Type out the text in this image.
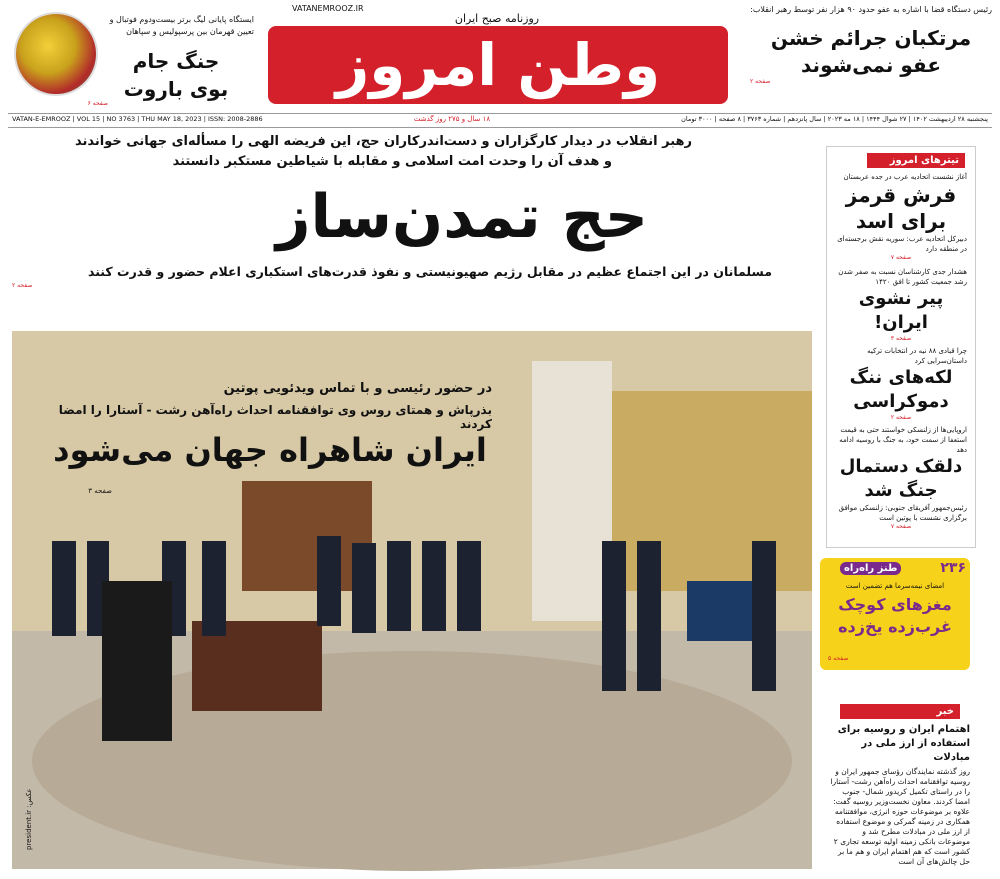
روزنامه صبح ایران
VATANEMROOZ.IR
وطن امروز
۱۸ سال و ۲۷۵ روز گذشت	پنجشنبه ۲۸ اردیبهشت ۱۴۰۲ | ۲۷ شوال ۱۴۴۴ | ۱۸ مه ۲۰۲۳ | سال پانزدهم | شماره ۳۷۶۳ | ۸ صفحه | ۳۰۰۰ تومان
VATAN-E-EMROOZ | VOL 15 | NO 3763 | THU MAY 18, 2023 | ISSN: 2008-2886
رئیس دستگاه قضا با اشاره به عفو حدود ۹۰ هزار نفر توسط رهبر انقلاب:
مرتکبان جرائم خشن
عفو نمی‌شوند
صفحه ۲
ایستگاه پایانی لیگ برتر بیست‌ودوم فوتبال و تعیین قهرمان بین پرسپولیس و سپاهان
جنگ جام
بوی باروت
صفحه ۶
رهبر انقلاب در دیدار کارگزاران و دست‌اندرکاران حج، این فریضه الهی را مسأله‌ای جهانی خواندند
و هدف آن را وحدت امت اسلامی و مقابله با شیاطین مستکبر دانستند
حج تمدن‌ساز
مسلمانان در این اجتماع عظیم در مقابل رژیم صهیونیستی و نفوذ قدرت‌های استکباری اعلام حضور و قدرت کنند
صفحه ۲
در حضور رئیسی و با تماس ویدئویی پوتین
بذرپاش و همتای روس وی توافقنامه احداث راه‌آهن رشت - آستارا را امضا کردند
ایران شاهراه جهان می‌شود
صفحه ۳
president.ir :عکس
تیترهای امروز
آغاز نشست اتحادیه عرب در جده عربستان
فرش قرمز برای اسد
دبیرکل اتحادیه عرب: سوریه نقش برجسته‌ای در منطقه دارد
صفحه ۷
هشدار جدی کارشناسان نسبت به صفر شدن رشد جمعیت کشور تا افق ۱۴۲۰
پیر نشوی ایران!
صفحه ۳
چرا قبادی ۸۸ نیه در انتخابات ترکیه داستان‌سرایی کرد
لکه‌های ننگ دموکراسی
صفحه ۲
اروپایی‌ها از زلنسکی خواستند حتی به قیمت استعفا از سمت خود، به جنگ با روسیه ادامه دهد
دلقک دستمال جنگ شد
رئیس‌جمهور آفریقای جنوبی: زلنسکی موافق برگزاری نشست با پوتین است
صفحه ۷
۲۳۶
طنز راه‌راه
امضای نیمه‌سرما هم تضمین است
مغزهای کوچک غرب‌زده یخ‌زده
صفحه ۵
خبر
اهتمام ایران و روسیه برای استفاده از ارز ملی در مبادلات
روز گذشته نمایندگان رؤسای جمهور ایران و روسیه توافقنامه احداث راه‌آهن رشت- آستارا را در راستای تکمیل کریدور شمال- جنوب امضا کردند. معاون نخست‌وزیر روسیه گفت: علاوه بر موضوعات حوزه انرژی، موافقتنامه همکاری در زمینه گمرکی و موضوع استفاده از ارز ملی در مبادلات مطرح شد و موضوعات بانکی زمینه اولیه توسعه تجاری ۲ کشور است که هم اهتمام ایران و هم ما بر حل چالش‌های آن است
